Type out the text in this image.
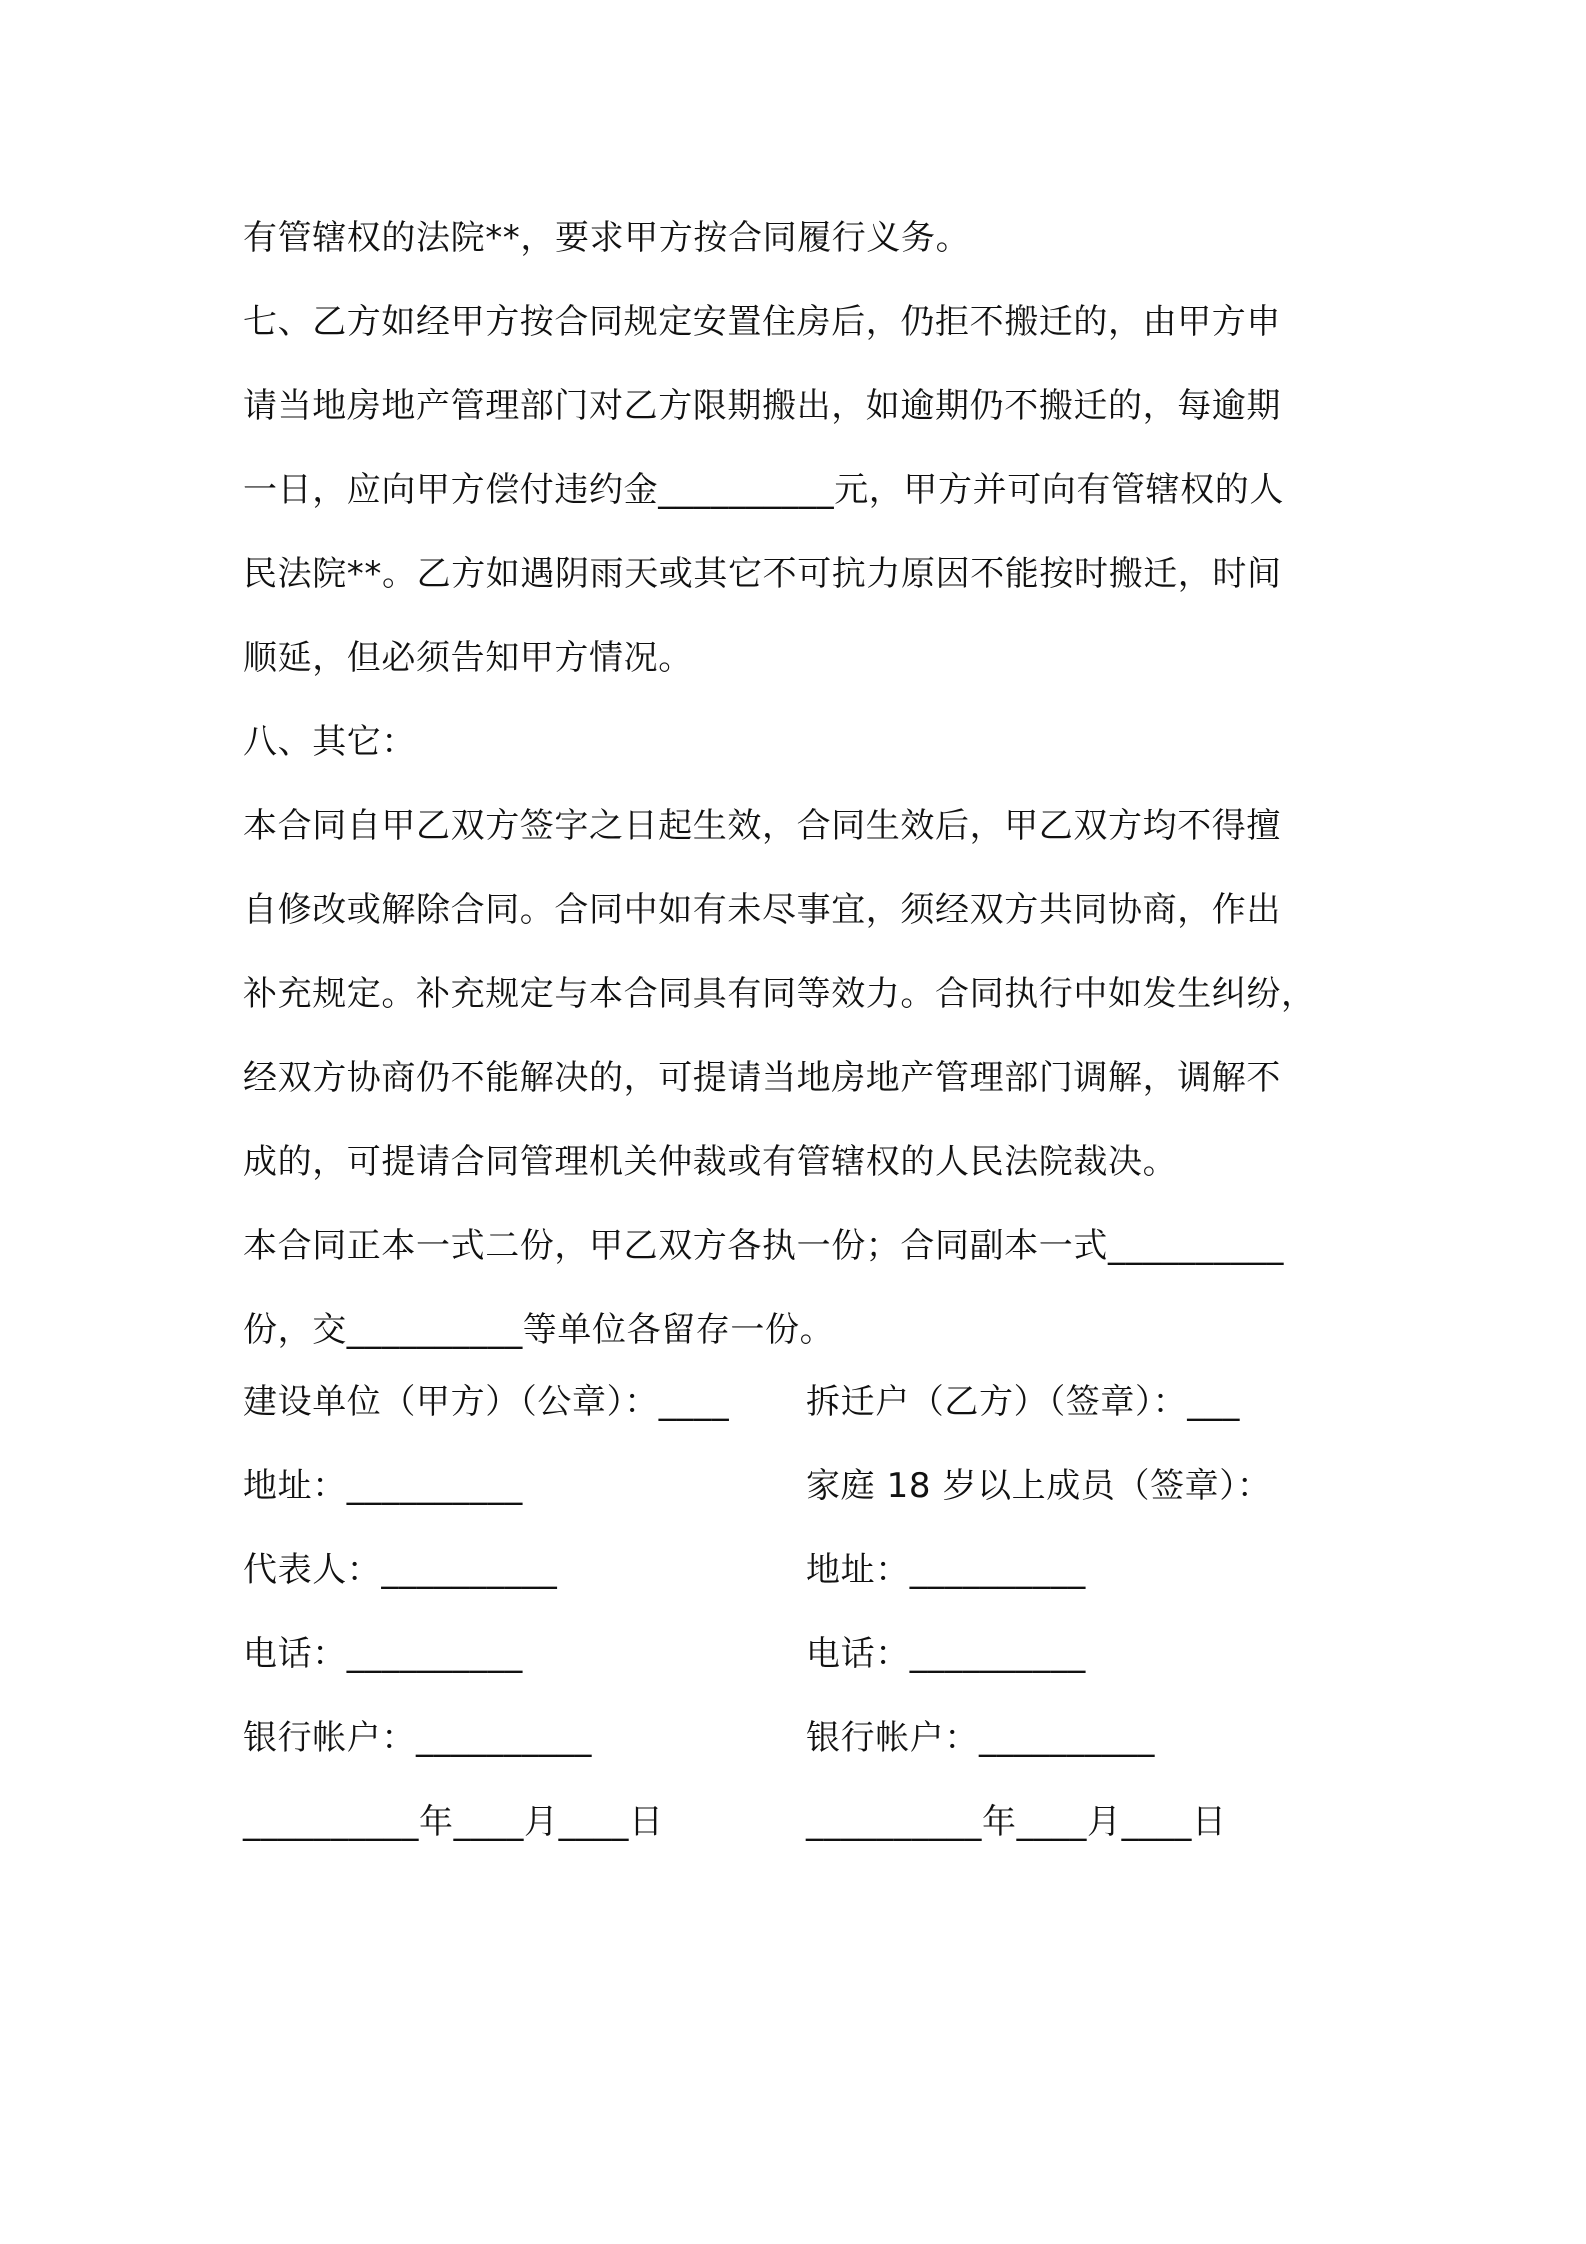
有管辖权的法院**，要求甲方按合同履行义务。
七、乙方如经甲方按合同规定安置住房后，仍拒不搬迁的，由甲方申
请当地房地产管理部门对乙方限期搬出，如逾期仍不搬迁的，每逾期
一日，应向甲方偿付违约金__________元，甲方并可向有管辖权的人
民法院**。乙方如遇阴雨天或其它不可抗力原因不能按时搬迁，时间
顺延，但必须告知甲方情况。
八、其它：
本合同自甲乙双方签字之日起生效，合同生效后，甲乙双方均不得擅
自修改或解除合同。合同中如有未尽事宜，须经双方共同协商，作出
补充规定。补充规定与本合同具有同等效力。合同执行中如发生纠纷，
经双方协商仍不能解决的，可提请当地房地产管理部门调解，调解不
成的，可提请合同管理机关仲裁或有管辖权的人民法院裁决。
本合同正本一式二份，甲乙双方各执一份；合同副本一式__________
份，交__________等单位各留存一份。
建设单位（甲方）（公章）：____ 拆迁户（乙方）（签章）：___
地址：__________	家庭 18 岁以上成员（签章）：
代表人：__________	地址：__________
电话：__________	电话：__________
银行帐户：__________	银行帐户：__________
__________年____月____日	__________年____月____日
